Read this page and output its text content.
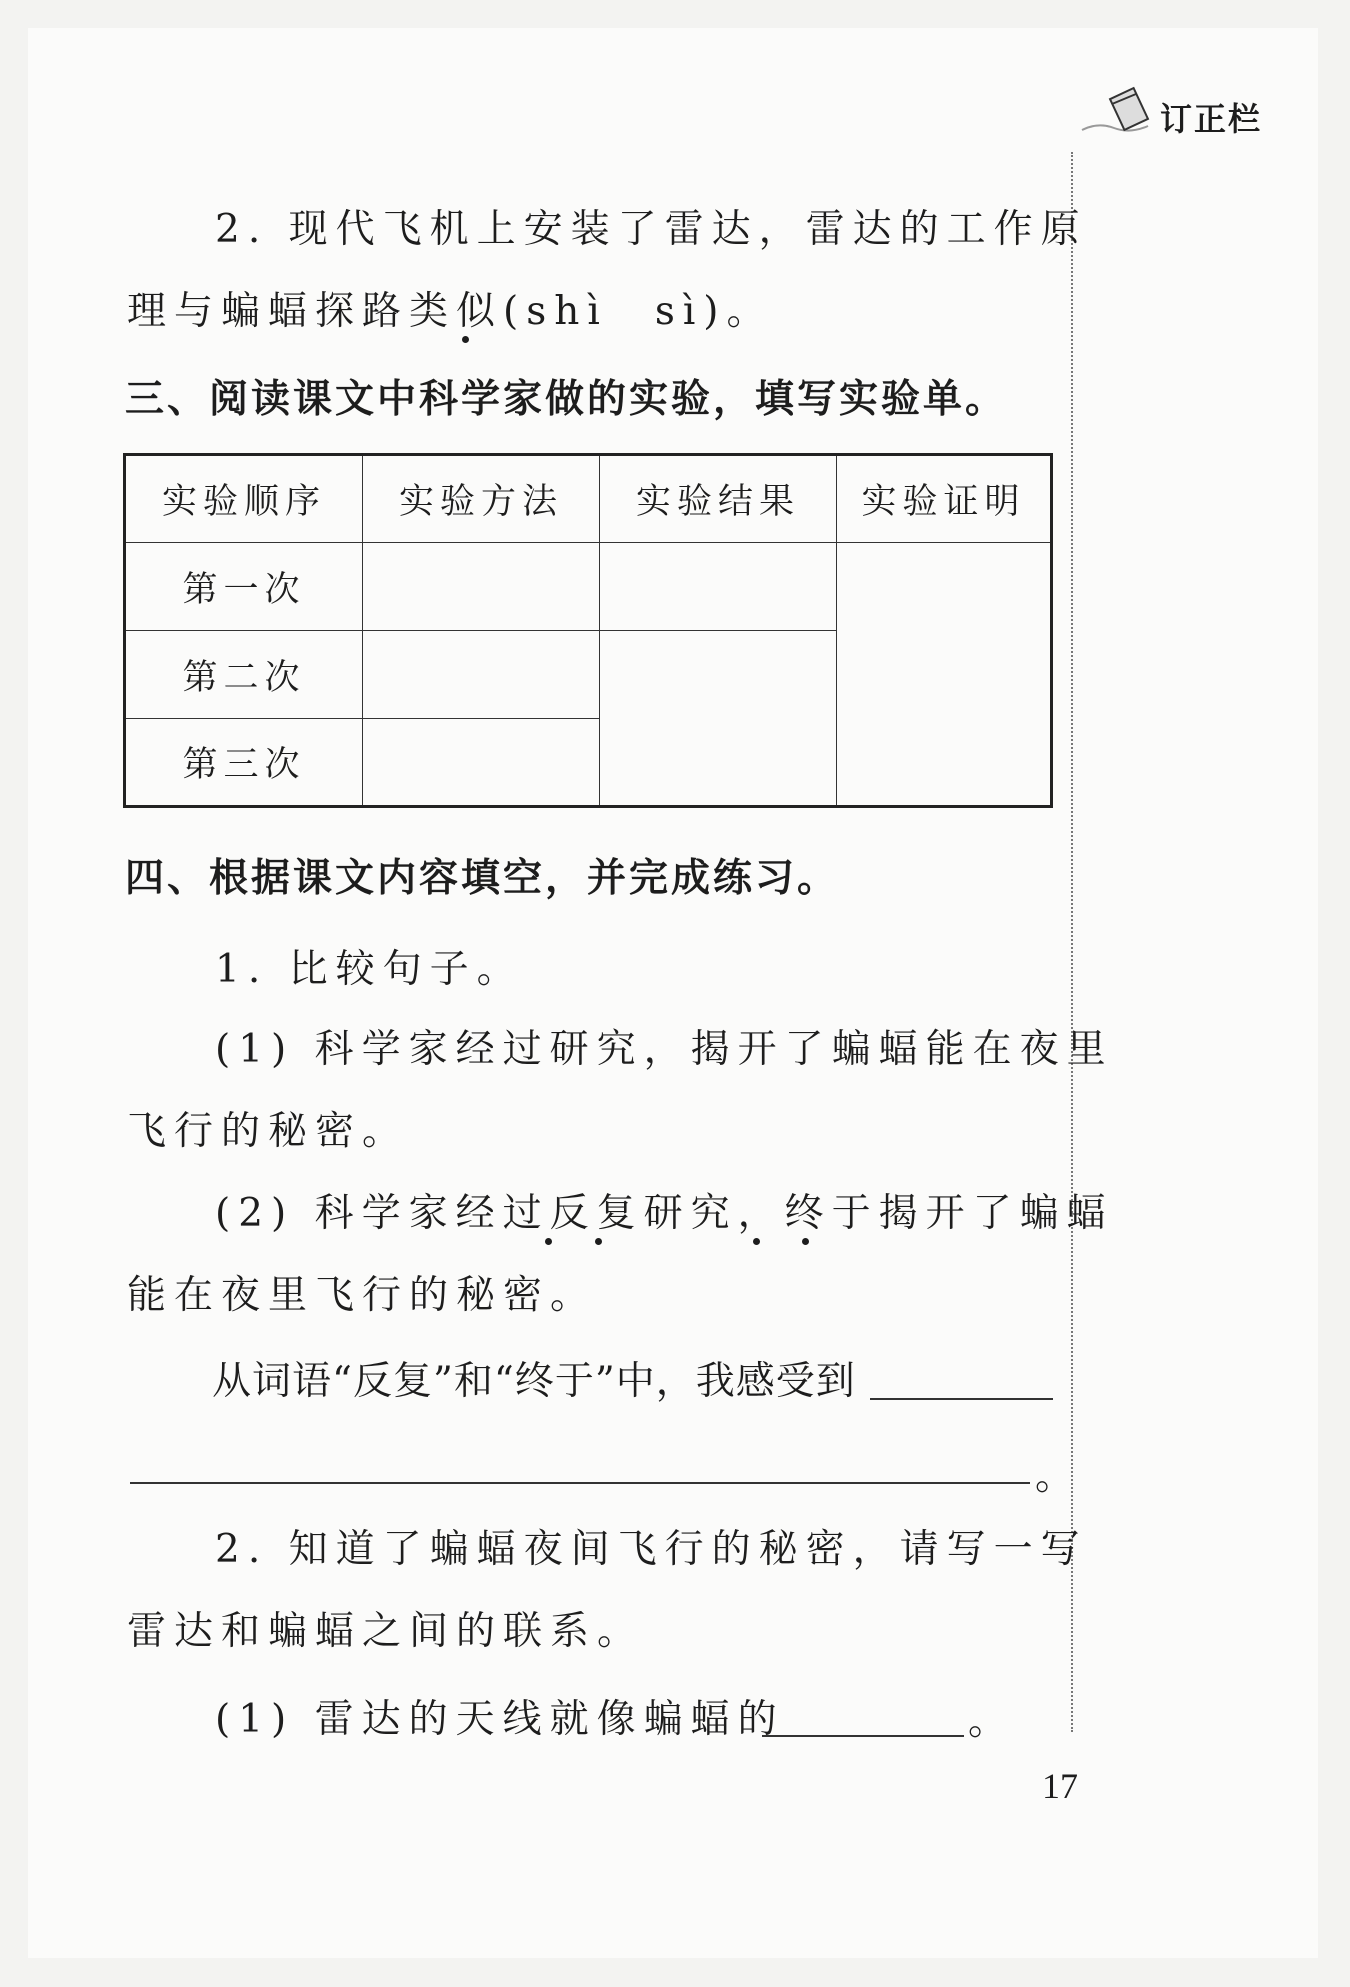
订正栏
2. 现代飞机上安装了雷达，雷达的工作原
理与蝙蝠探路类似(shì　sì)。
三、阅读课文中科学家做的实验，填写实验单。
实验顺序	实验方法	实验结果	实验证明
第一次			
第二次			
第三次			
四、根据课文内容填空，并完成练习。
1. 比较句子。
(1) 科学家经过研究，揭开了蝙蝠能在夜里
飞行的秘密。
(2) 科学家经过反复研究，终于揭开了蝙蝠
能在夜里飞行的秘密。
从词语“反复”和“终于”中，我感受到
。
2. 知道了蝙蝠夜间飞行的秘密，请写一写
雷达和蝙蝠之间的联系。
(1) 雷达的天线就像蝙蝠的	。
17
